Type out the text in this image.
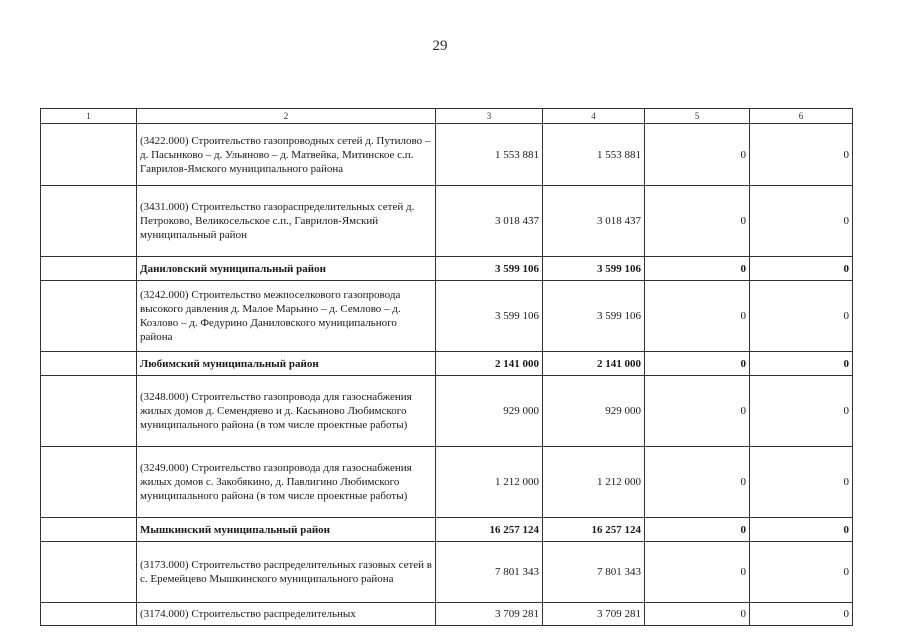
29
1	2	3	4	5	6
	(3422.000) Строительство газопроводных сетей д. Путилово – д. Пасынково – д. Ульяново – д. Матвейка, Митинское с.п. Гаврилов-Ямского муниципального района	1 553 881	1 553 881	0	0
	(3431.000) Строительство газораспределительных сетей д. Петроково, Великосельское с.п., Гаврилов-Ямский муниципальный район	3 018 437	3 018 437	0	0
	Даниловский муниципальный район	3 599 106	3 599 106	0	0
	(3242.000) Строительство межпоселкового газопровода высокого давления д. Малое Марьино – д. Семлово – д. Козлово – д. Федурино Даниловского муниципального района	3 599 106	3 599 106	0	0
	Любимский муниципальный район	2 141 000	2 141 000	0	0
	(3248.000) Строительство газопровода для газоснабжения жилых домов д. Семендяево и д. Касьяново Любимского муниципального района (в том числе проектные работы)	929 000	929 000	0	0
	(3249.000) Строительство газопровода для газоснабжения жилых домов с. Закобякино, д. Павлигино Любимского муниципального района (в том числе проектные работы)	1 212 000	1 212 000	0	0
	Мышкинский муниципальный район	16 257 124	16 257 124	0	0
	(3173.000) Строительство распределительных газовых сетей в с. Еремейцево Мышкинского муниципального района	7 801 343	7 801 343	0	0
	(3174.000) Строительство распределительных	3 709 281	3 709 281	0	0
